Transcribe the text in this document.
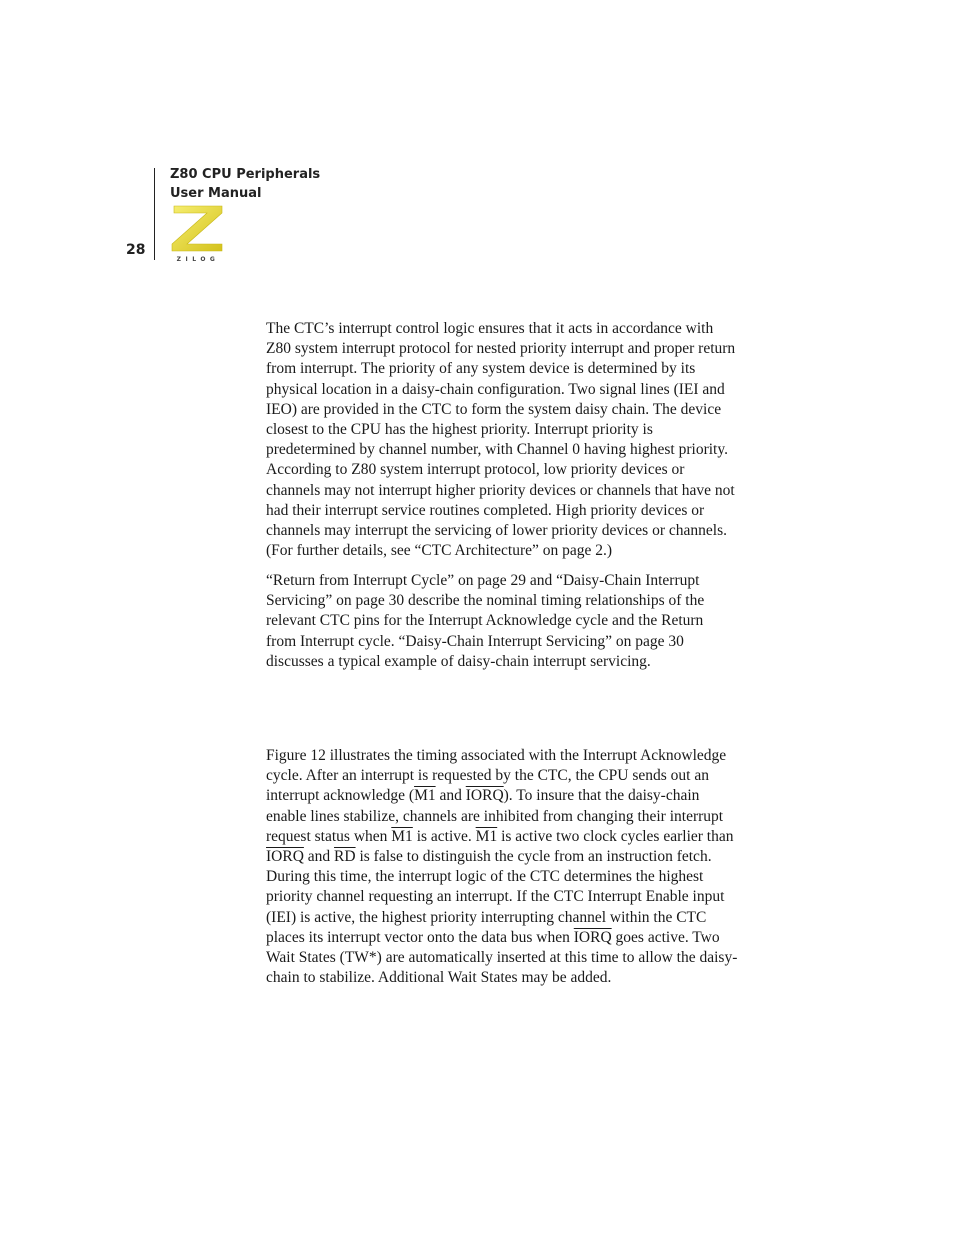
28
Z80 CPU Peripherals
User Manual
ZILOG
The CTC’s interrupt control logic ensures that it acts in accordance with
Z80 system interrupt protocol for nested priority interrupt and proper return
from interrupt. The priority of any system device is determined by its
physical location in a daisy-chain configuration. Two signal lines (IEI and
IEO) are provided in the CTC to form the system daisy chain. The device
closest to the CPU has the highest priority. Interrupt priority is
predetermined by channel number, with Channel 0 having highest priority.
According to Z80 system interrupt protocol, low priority devices or
channels may not interrupt higher priority devices or channels that have not
had their interrupt service routines completed. High priority devices or
channels may interrupt the servicing of lower priority devices or channels.
(For further details, see “CTC Architecture” on page 2.)
“Return from Interrupt Cycle” on page 29 and “Daisy-Chain Interrupt
Servicing” on page 30 describe the nominal timing relationships of the
relevant CTC pins for the Interrupt Acknowledge cycle and the Return
from Interrupt cycle. “Daisy-Chain Interrupt Servicing” on page 30
discusses a typical example of daisy-chain interrupt servicing.
Figure 12 illustrates the timing associated with the Interrupt Acknowledge
cycle. After an interrupt is requested by the CTC, the CPU sends out an
interrupt acknowledge (M1 and IORQ). To insure that the daisy-chain
enable lines stabilize, channels are inhibited from changing their interrupt
request status when M1 is active. M1 is active two clock cycles earlier than
IORQ and $\overline{RD}$ is false to distinguish the cycle from an instruction fetch.
During this time, the interrupt logic of the CTC determines the highest
priority channel requesting an interrupt. If the CTC Interrupt Enable input
(IEI) is active, the highest priority interrupting channel within the CTC
places its interrupt vector onto the data bus when IORQ goes active. Two
Wait States (TW*) are automatically inserted at this time to allow the daisy-
chain to stabilize. Additional Wait States may be added.
